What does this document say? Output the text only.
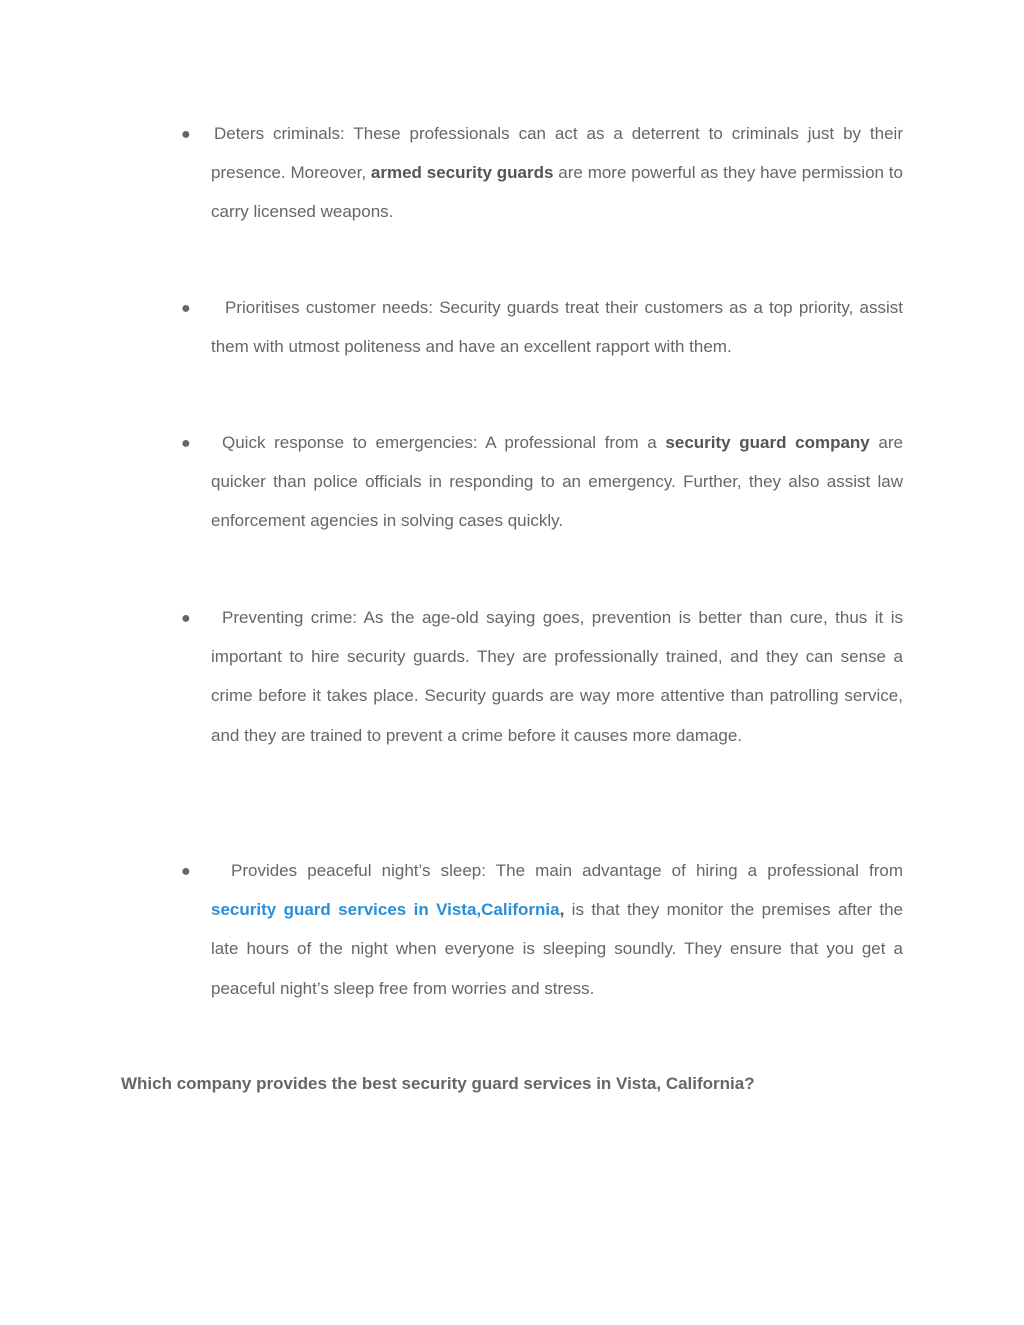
● Deters criminals: These professionals can act as a deterrent to criminals just by their presence. Moreover, armed security guards are more powerful as they have permission to carry licensed weapons.
●	Prioritises customer needs: Security guards treat their customers as a top priority, assist them with utmost politeness and have an excellent rapport with them.
●	Quick response to emergencies: A professional from a security guard company are quicker than police officials in responding to an emergency. Further, they also assist law enforcement agencies in solving cases quickly.
●	Preventing crime: As the age-old saying goes, prevention is better than cure, thus it is important to hire security guards. They are professionally trained, and they can sense a crime before it takes place. Security guards are way more attentive than patrolling service, and they are trained to prevent a crime before it causes more damage.
●	Provides peaceful night’s sleep: The main advantage of hiring a professional from security guard services in Vista,California, is that they monitor the premises after the late hours of the night when everyone is sleeping soundly. They ensure that you get a peaceful night’s sleep free from worries and stress.
Which company provides the best security guard services in Vista, California?
